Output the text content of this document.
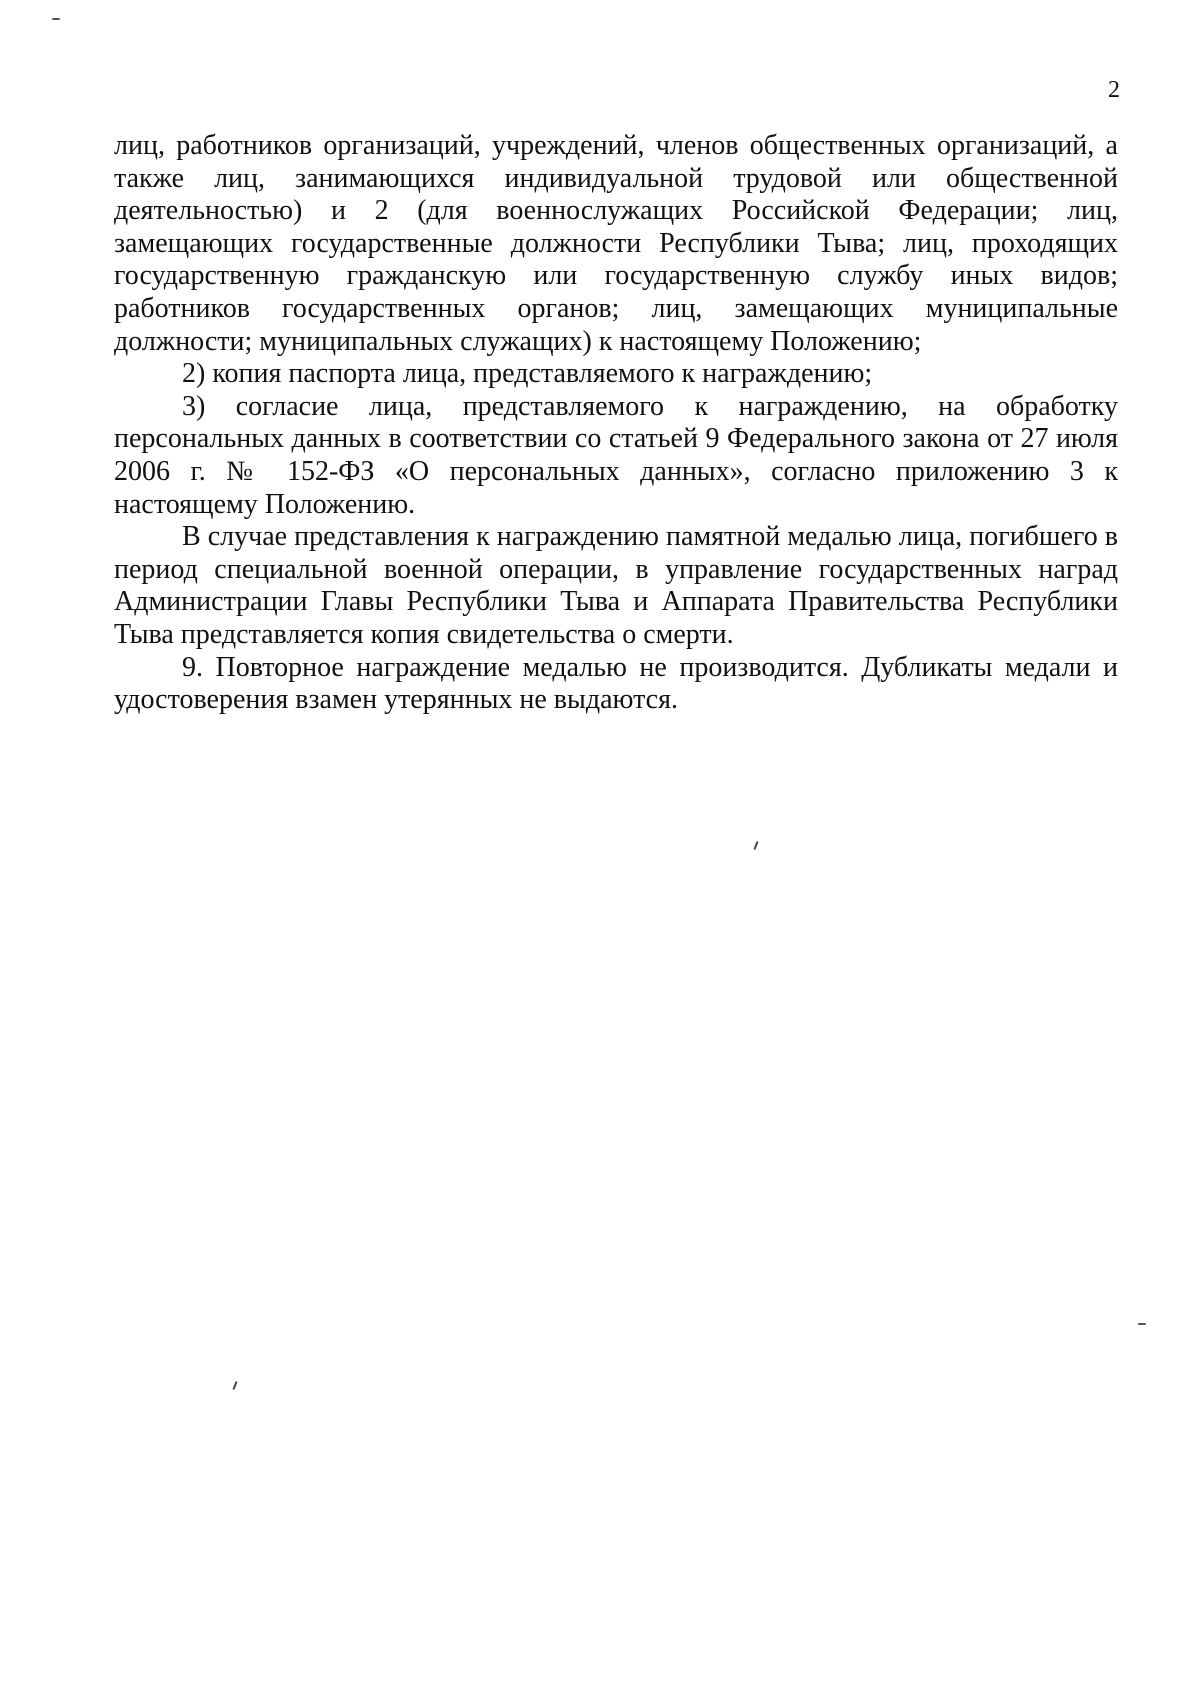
2

лиц, работников организаций, учреждений, членов общественных организаций, а также лиц, занимающихся индивидуальной трудовой или общественной деятельностью) и 2 (для военнослужащих Российской Федерации; лиц, замещающих государственные должности Республики Тыва; лиц, проходящих государственную гражданскую или государственную службу иных видов; работников государственных органов; лиц, замещающих муниципальные должности; муниципальных служащих) к настоящему Положению;

2) копия паспорта лица, представляемого к награждению;

3) согласие лица, представляемого к награждению, на обработку персональных данных в соответствии со статьей 9 Федерального закона от 27 июля 2006 г. № 152-ФЗ «О персональных данных», согласно приложению 3 к настоящему Положению.

В случае представления к награждению памятной медалью лица, погибшего в период специальной военной операции, в управление государственных наград Администрации Главы Республики Тыва и Аппарата Правительства Республики Тыва представляется копия свидетельства о смерти.

9. Повторное награждение медалью не производится. Дубликаты медали и удостоверения взамен утерянных не выдаются.
